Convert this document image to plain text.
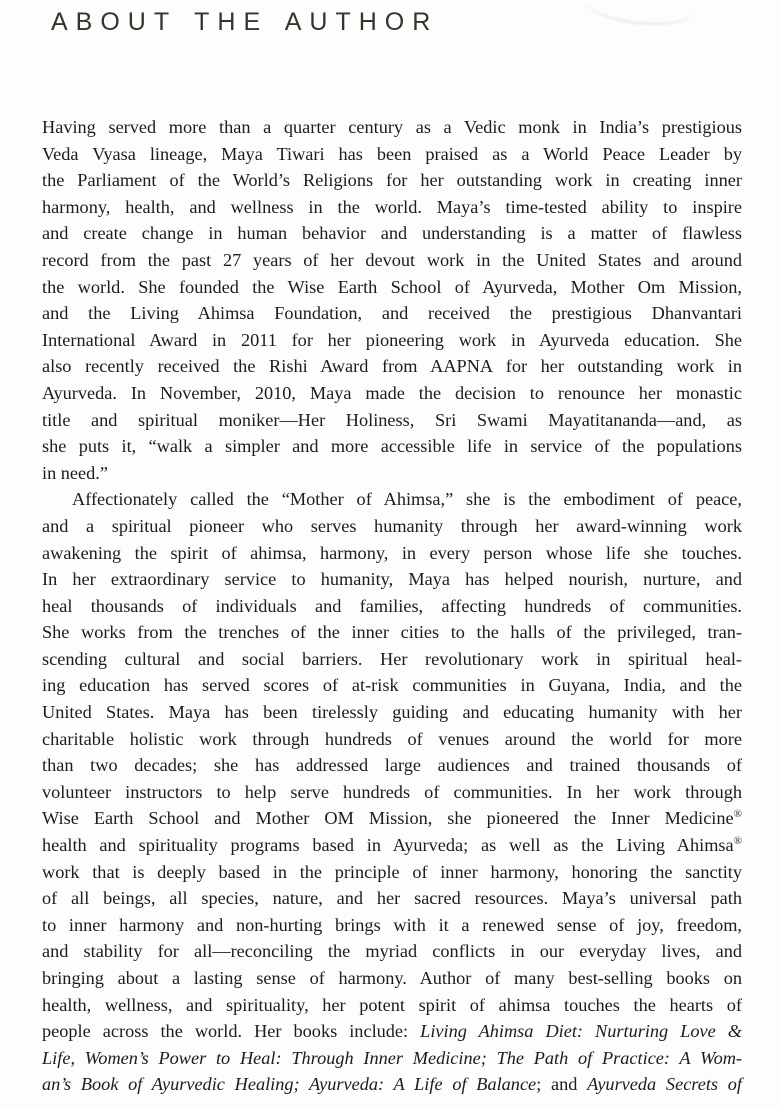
ABOUT THE AUTHOR
Having served more than a quarter century as a Vedic monk in India’s prestigious
Veda Vyasa lineage, Maya Tiwari has been praised as a World Peace Leader by
the Parliament of the World’s Religions for her outstanding work in creating inner
harmony, health, and wellness in the world. Maya’s time-tested ability to inspire
and create change in human behavior and understanding is a matter of flawless
record from the past 27 years of her devout work in the United States and around
the world. She founded the Wise Earth School of Ayurveda, Mother Om Mission,
and the Living Ahimsa Foundation, and received the prestigious Dhanvantari
International Award in 2011 for her pioneering work in Ayurveda education. She
also recently received the Rishi Award from AAPNA for her outstanding work in
Ayurveda. In November, 2010, Maya made the decision to renounce her monastic
title and spiritual moniker—Her Holiness, Sri Swami Mayatitananda—and, as
she puts it, “walk a simpler and more accessible life in service of the populations
in need.”
Affectionately called the “Mother of Ahimsa,” she is the embodiment of peace,
and a spiritual pioneer who serves humanity through her award-winning work
awakening the spirit of ahimsa, harmony, in every person whose life she touches.
In her extraordinary service to humanity, Maya has helped nourish, nurture, and
heal thousands of individuals and families, affecting hundreds of communities.
She works from the trenches of the inner cities to the halls of the privileged, tran-
scending cultural and social barriers. Her revolutionary work in spiritual heal-
ing education has served scores of at-risk communities in Guyana, India, and the
United States. Maya has been tirelessly guiding and educating humanity with her
charitable holistic work through hundreds of venues around the world for more
than two decades; she has addressed large audiences and trained thousands of
volunteer instructors to help serve hundreds of communities. In her work through
Wise Earth School and Mother OM Mission, she pioneered the Inner Medicine®
health and spirituality programs based in Ayurveda; as well as the Living Ahimsa®
work that is deeply based in the principle of inner harmony, honoring the sanctity
of all beings, all species, nature, and her sacred resources. Maya’s universal path
to inner harmony and non-hurting brings with it a renewed sense of joy, freedom,
and stability for all—reconciling the myriad conflicts in our everyday lives, and
bringing about a lasting sense of harmony. Author of many best-selling books on
health, wellness, and spirituality, her potent spirit of ahimsa touches the hearts of
people across the world. Her books include: Living Ahimsa Diet: Nurturing Love &
Life, Women’s Power to Heal: Through Inner Medicine; The Path of Practice: A Wom-
an’s Book of Ayurvedic Healing; Ayurveda: A Life of Balance; and Ayurveda Secrets of
